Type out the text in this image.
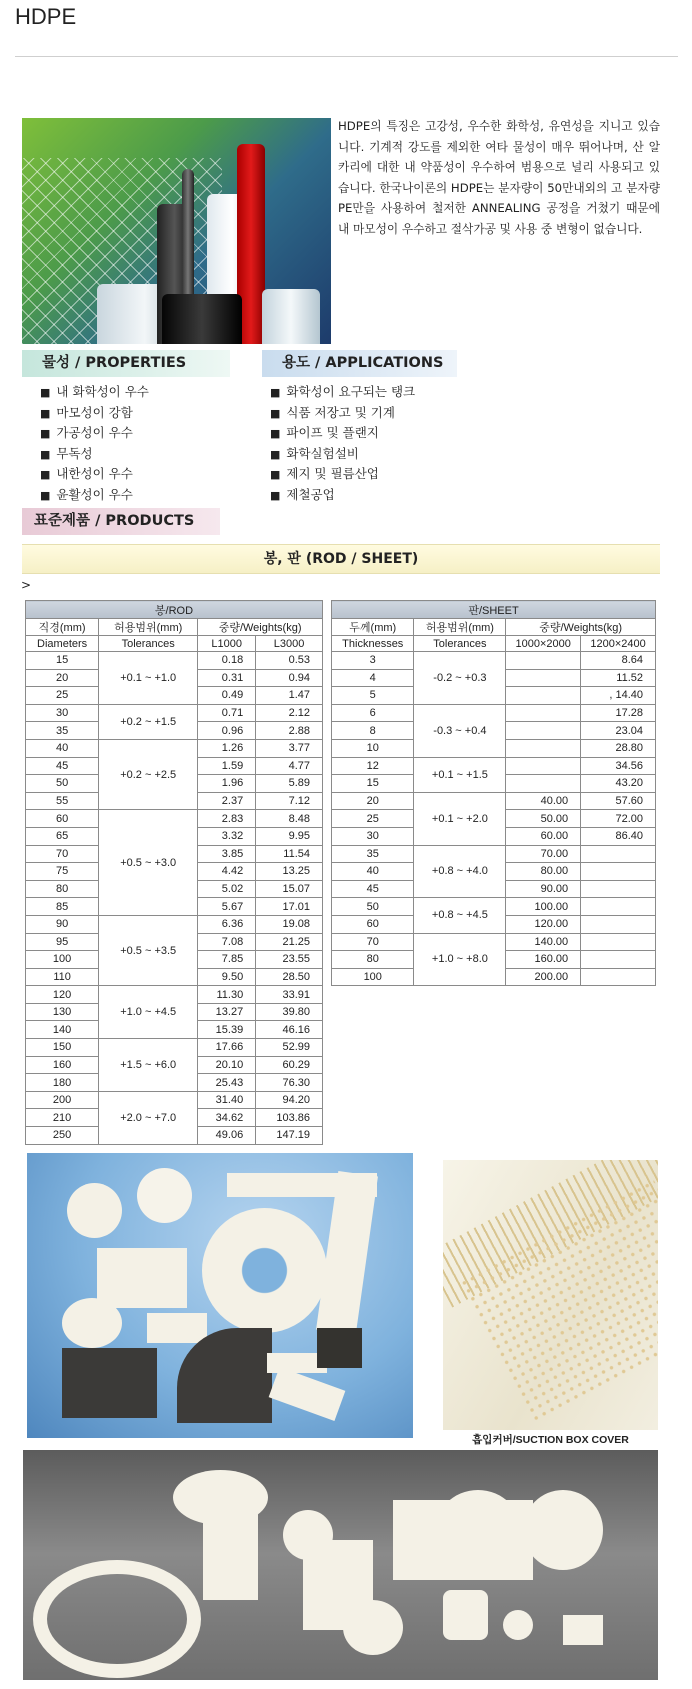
HDPE
HDPE의 특징은 고강성, 우수한 화학성, 유연성을 지니고 있습니다. 기계적 강도를 제외한 여타 물성이 매우 뛰어나며, 산 알카리에 대한 내 약품성이 우수하여 범용으로 널리 사용되고 있습니다. 한국나이론의 HDPE는 분자량이 50만내외의 고 분자량 PE만을 사용하여 철저한 ANNEALING 공정을 거쳤기 때문에 내 마모성이 우수하고 절삭가공 및 사용 중 변형이 없습니다.
물성 / PROPERTIES	용도 / APPLICATIONS
■ 내 화학성이 우수
■ 마모성이 강함
■ 가공성이 우수
■ 무독성
■ 내한성이 우수
■ 윤활성이 우수
■ 화학성이 요구되는 탱크
■ 식품 저장고 및 기계
■ 파이프 및 플랜지
■ 화학실험설비
■ 제지 및 필름산업
■ 제철공업
표준제품 / PRODUCTS
봉, 판 (ROD / SHEET)
>
봉/ROD			
직경(mm)	허용범위(mm)	중량/Weights(kg)	
Diameters	Tolerances	L1000	L3000
15	+0.1 ~ +1.0	0.18	0.53
20		0.31	0.94
25		0.49	1.47
30	+0.2 ~ +1.5	0.71	2.12
35		0.96	2.88
40	+0.2 ~ +2.5	1.26	3.77
45		1.59	4.77
50		1.96	5.89
55		2.37	7.12
60	+0.5 ~ +3.0	2.83	8.48
65		3.32	9.95
70		3.85	11.54
75		4.42	13.25
80		5.02	15.07
85		5.67	17.01
90	+0.5 ~ +3.5	6.36	19.08
95		7.08	21.25
100		7.85	23.55
110		9.50	28.50
120	+1.0 ~ +4.5	11.30	33.91
130		13.27	39.80
140		15.39	46.16
150	+1.5 ~ +6.0	17.66	52.99
160		20.10	60.29
180		25.43	76.30
200	+2.0 ~ +7.0	31.40	94.20
210		34.62	103.86
250		49.06	147.19
판/SHEET			
두께(mm)	허용범위(mm)	중량/Weights(kg)	
Thicknesses	Tolerances	1000×2000	1200×2400
3	-0.2 ~ +0.3		8.64
4			11.52
5			, 14.40
6	-0.3 ~ +0.4		17.28
8			23.04
10			28.80
12	+0.1 ~ +1.5		34.56
15			43.20
20	+0.1 ~ +2.0	40.00	57.60
25		50.00	72.00
30		60.00	86.40
35	+0.8 ~ +4.0	70.00	
40		80.00	
45		90.00	
50	+0.8 ~ +4.5	100.00	
60		120.00	
70	+1.0 ~ +8.0	140.00	
80		160.00	
100		200.00	
흡입커버/SUCTION BOX COVER
